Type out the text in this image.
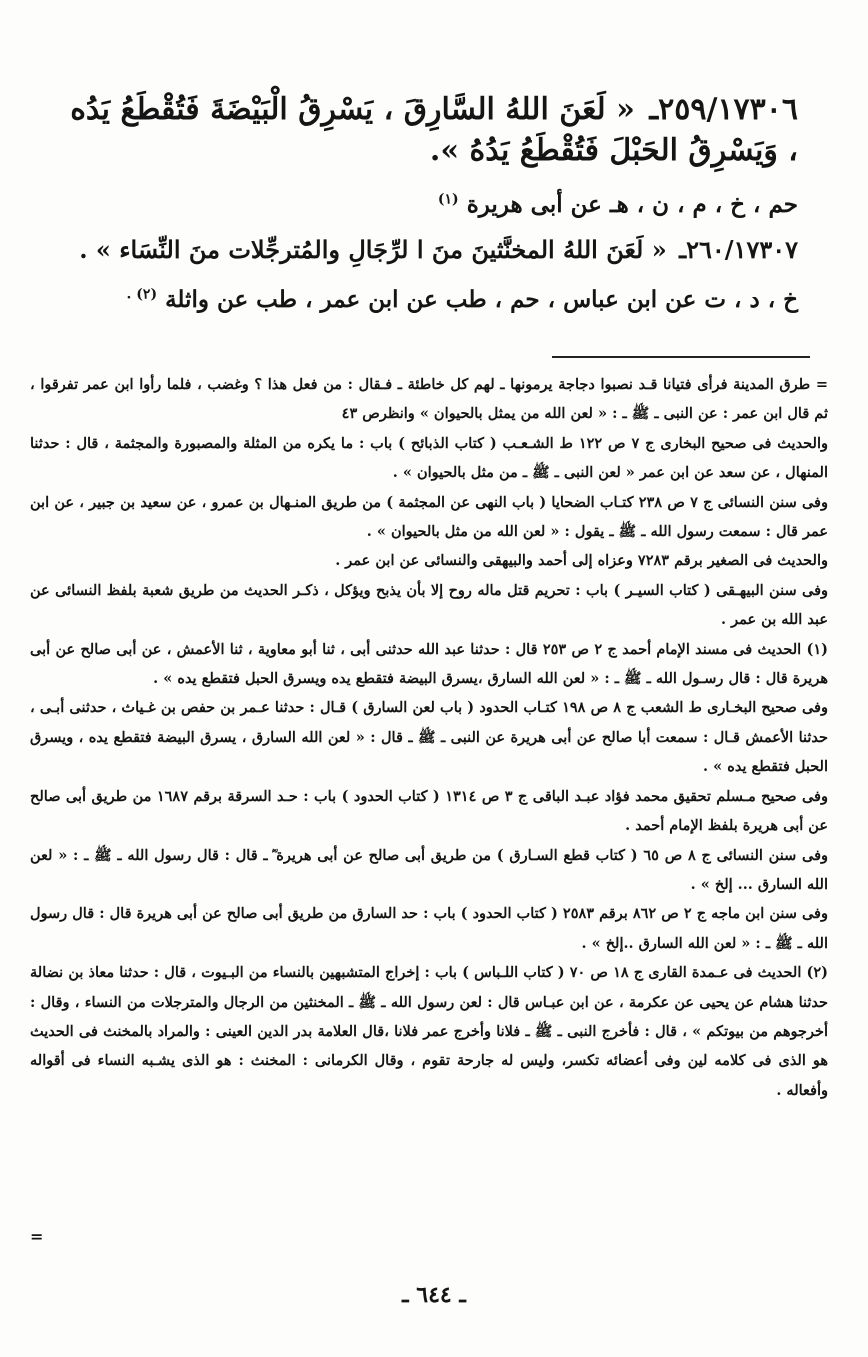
٢٥٩/١٧٣٠٦ـ « لَعَنَ اللهُ السَّارِقَ ، يَسْرِقُ الْبَيْضَةَ فَتُقْطَعُ يَدُه ، وَيَسْرِقُ الحَبْلَ فَتُقْطَعُ يَدُهُ ».
حم ، خ ، م ، ن ، هـ عن أبى هريرة $^{(١)}$
٢٦٠/١٧٣٠٧ـ « لَعَنَ اللهُ المخنَّثينَ منَ ا لرِّجَالِ والمُترجِّلات منَ النِّسَاء » .
خ ، د ، ت عن ابن عباس ، حم ، طب عن ابن عمر ، طب عن واثلة $^{(٢) .}$

= طرق المدينة فرأى فتيانا قـد نصبوا دجاجة يرمونها ـ لهم كل خاطئة ـ فـقال : من فعل هذا ؟ وغضب ، فلما رأوا ابن عمر تفرقوا ، ثم قال ابن عمر : عن النبى ـ ﷺ ـ : « لعن الله من يمثل بالحيوان » وانظرص ٤٣

والحديث فى صحيح البخارى ج ٧ ص ١٢٢ ط الشـعـب ( كتاب الذبائح ) باب : ما يكره من المثلة والمصبورة والمجثمة ، قال : حدثنا المنهال ، عن سعد عن ابن عمر « لعن النبى ـ ﷺ ـ من مثل بالحيوان » .

وفى سنن النسائى ج ٧ ص ٢٣٨ كتـاب الضحايا ( باب النهى عن المجثمة ) من طريق المنـهال بن عمرو ، عن سعيد بن جبير ، عن ابن عمر قال : سمعت رسول الله ـ ﷺ ـ يقول : « لعن الله من مثل بالحيوان » .

والحديث فى الصغير برقم ٧٢٨٣ وعزاه إلى أحمد والبيهقى والنسائى عن ابن عمر .

وفى سنن البيهـقى ( كتاب السيـر ) باب : تحريم قتل ماله روح إلا بأن يذبح ويؤكل ، ذكـر الحديث من طريق شعبة بلفظ النسائى عن عبد الله بن عمر .

(١) الحديث فى مسند الإمام أحمد ج ٢ ص ٢٥٣ قال : حدثنا عبد الله حدثنى أبى ، ثنا أبو معاوية ، ثنا الأعمش ، عن أبى صالح عن أبى هريرة قال : قال رسـول الله ـ ﷺ ـ : « لعن الله السارق ،يسرق البيضة فتقطع يده ويسرق الحبل فتقطع يده » .

وفى صحيح البخـارى ط الشعب ج ٨ ص ١٩٨ كتـاب الحدود ( باب لعن السارق ) قـال : حدثنا عـمر بن حفص بن غـياث ، حدثنى أبـى ، حدثنا الأعمش قـال : سمعت أبا صالح عن أبى هريرة عن النبى ـ ﷺ ـ قال : « لعن الله السارق ، يسرق البيضة فتقطع يده ، ويسرق الحبل فتقطع يده » .

وفى صحيح مـسلم تحقيق محمد فؤاد عبـد الباقى ج ٣ ص ١٣١٤ ( كتاب الحدود ) باب : حـد السرقة برقم ١٦٨٧ من طريق أبى صالح عن أبى هريرة بلفظ الإمام أحمد .

وفى سنن النسائى ج ٨ ص ٦٥ ( كتاب قطع السـارق ) من طريق أبى صالح عن أبى هريرة ؓ ـ قال : قال رسول الله ـ ﷺ ـ : « لعن الله السارق ... إلخ » .

وفى سنن ابن ماجه ج ٢ ص ٨٦٢ برقم ٢٥٨٣ ( كتاب الحدود ) باب : حد السارق من طريق أبى صالح عن أبى هريرة قال : قال رسول الله ـ ﷺ ـ : « لعن الله السارق ..إلخ » .

(٢) الحديث فى عـمدة القارى ج ١٨ ص ٧٠ ( كتاب اللـباس ) باب : إخراج المتشبهين بالنساء من البـيوت ، قال : حدثنا معاذ بن نضالة حدثنا هشام عن يحيى عن عكرمة ، عن ابن عبـاس قال : لعن رسول الله ـ ﷺ ـ المخنثين من الرجال والمترجلات من النساء ، وقال : أخرجوهم من بيوتكم » ، قال : فأخرج النبى ـ ﷺ ـ فلانا وأخرج عمر فلانا ،قال العلامة بدر الدين العينى : والمراد بالمخنث فى الحديث هو الذى فى كلامه لين وفى أعضائه تكسر، وليس له جارحة تقوم ، وقال الكرمانى : المخنث : هو الذى يشـبه النساء فى أقواله وأفعاله .

=
ـ ٦٤٤ ـ
